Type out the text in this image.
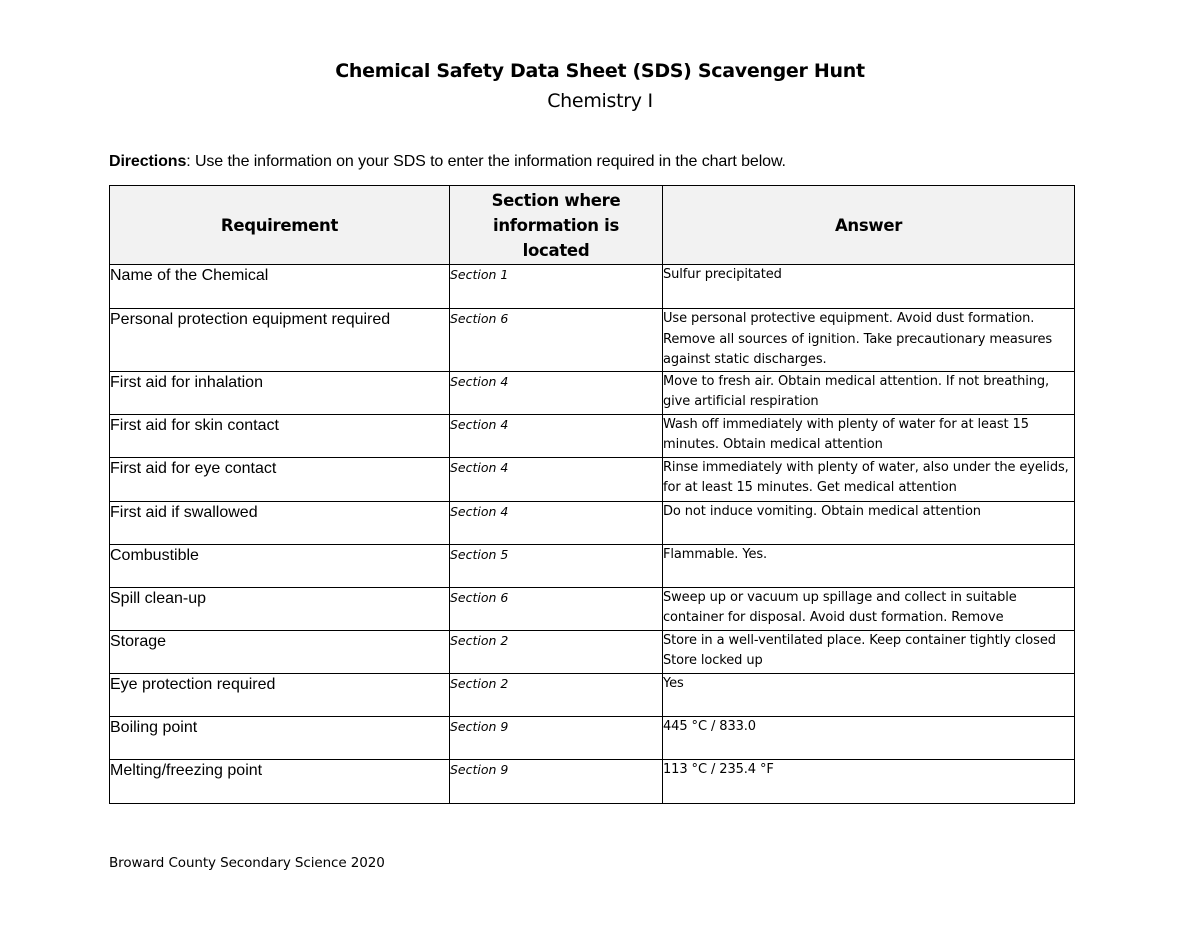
Chemical Safety Data Sheet (SDS) Scavenger Hunt
Chemistry I
Directions: Use the information on your SDS to enter the information required in the chart below.
Requirement	Section where information is located	Answer
Name of the Chemical	Section 1	Sulfur precipitated
Personal protection equipment required	Section 6	Use personal protective equipment. Avoid dust formation. Remove all sources of ignition. Take precautionary measures against static discharges.
First aid for inhalation	Section 4	Move to fresh air. Obtain medical attention. If not breathing, give artificial respiration
First aid for skin contact	Section 4	Wash off immediately with plenty of water for at least 15 minutes. Obtain medical attention
First aid for eye contact	Section 4	Rinse immediately with plenty of water, also under the eyelids, for at least 15 minutes. Get medical attention
First aid if swallowed	Section 4	Do not induce vomiting. Obtain medical attention
Combustible	Section 5	Flammable. Yes.
Spill clean-up	Section 6	Sweep up or vacuum up spillage and collect in suitable container for disposal. Avoid dust formation. Remove
Storage	Section 2	Store in a well-ventilated place. Keep container tightly closed Store locked up
Eye protection required	Section 2	Yes
Boiling point	Section 9	445 °C / 833.0
Melting/freezing point	Section 9	113 °C / 235.4 °F
Broward County Secondary Science 2020
